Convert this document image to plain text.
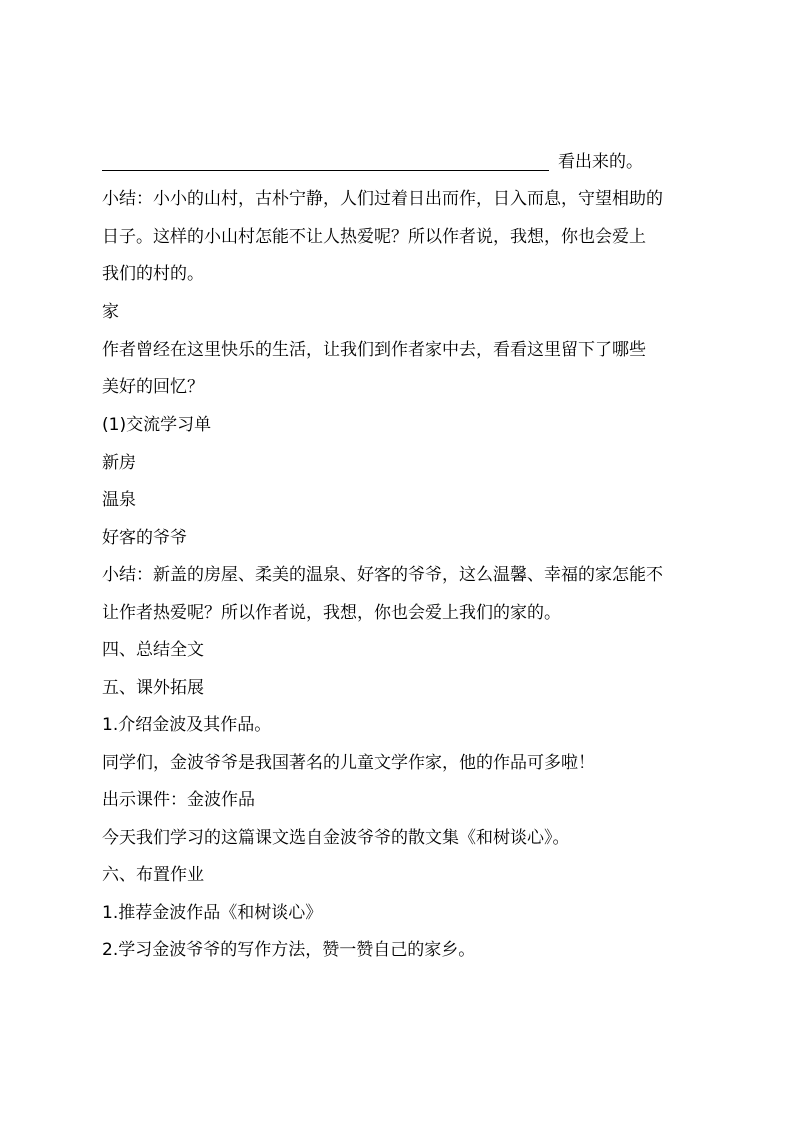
看出来的。
小结：小小的山村，古朴宁静，人们过着日出而作，日入而息，守望相助的
日子。这样的小山村怎能不让人热爱呢？所以作者说，我想，你也会爱上
我们的村的。
家
作者曾经在这里快乐的生活，让我们到作者家中去，看看这里留下了哪些
美好的回忆？
(1)交流学习单
新房
温泉
好客的爷爷
小结：新盖的房屋、柔美的温泉、好客的爷爷，这么温馨、幸福的家怎能不
让作者热爱呢？所以作者说，我想，你也会爱上我们的家的。
四、总结全文
五、课外拓展
1.介绍金波及其作品。
同学们，金波爷爷是我国著名的儿童文学作家，他的作品可多啦！
出示课件：金波作品
今天我们学习的这篇课文选自金波爷爷的散文集《和树谈心》。
六、布置作业
1.推荐金波作品《和树谈心》
2.学习金波爷爷的写作方法，赞一赞自己的家乡。
